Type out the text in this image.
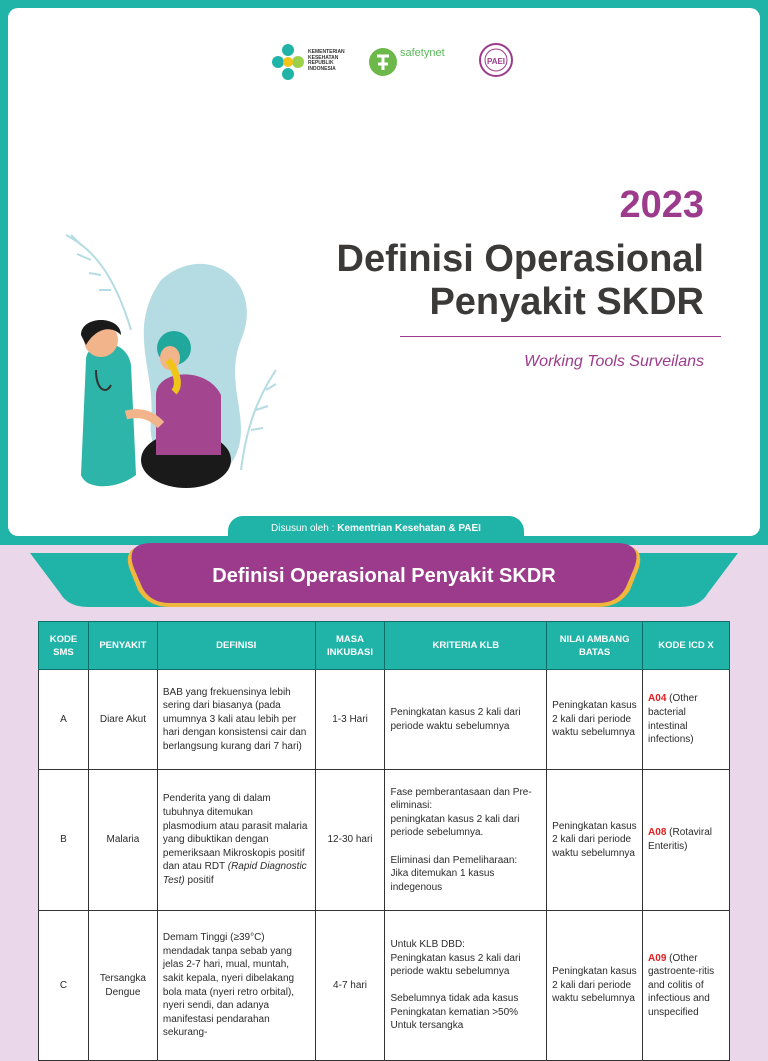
KEMENTERIAN
KESEHATAN
REPUBLIK
INDONESIA
safetynet
PAEI
2023
Definisi Operasional
Penyakit SKDR
Working Tools Surveilans
Disusun oleh : Kementrian Kesehatan & PAEI
Definisi Operasional Penyakit SKDR
KODE SMS	PENYAKIT	DEFINISI	MASA INKUBASI	KRITERIA KLB	NILAI AMBANG BATAS	KODE ICD X
A	Diare Akut	BAB yang frekuensinya lebih sering dari biasanya (pada umumnya 3 kali atau lebih per hari dengan konsistensi cair dan berlangsung kurang dari 7 hari)	1-3 Hari	Peningkatan kasus 2 kali dari periode waktu sebelumnya	Peningkatan kasus 2 kali dari periode waktu sebelumnya	A04 (Other bacterial intestinal infections)
B	Malaria	Penderita yang di dalam tubuhnya ditemukan plasmodium atau parasit malaria yang dibuktikan dengan pemeriksaan Mikroskopis positif dan atau RDT (Rapid Diagnostic Test) positif	12-30 hari	Fase pemberantasaan dan Pre-eliminasi:
peningkatan kasus 2 kali dari periode sebelumnya.

Eliminasi dan Pemeliharaan:
Jika ditemukan 1 kasus indegenous	Peningkatan kasus 2 kali dari periode waktu sebelumnya	A08 (Rotaviral Enteritis)
C	Tersangka Dengue	Demam Tinggi (≥39°C) mendadak tanpa sebab yang jelas 2-7 hari, mual, muntah, sakit kepala, nyeri dibelakang bola mata (nyeri retro orbital), nyeri sendi, dan adanya manifestasi pendarahan sekurang-	4-7 hari	Untuk KLB DBD:
Peningkatan kasus 2 kali dari periode waktu sebelumnya

Sebelumnya tidak ada kasus
Peningkatan kematian >50%
Untuk tersangka	Peningkatan kasus 2 kali dari periode waktu sebelumnya	A09 (Other gastroente-ritis and colitis of infectious and unspecified
